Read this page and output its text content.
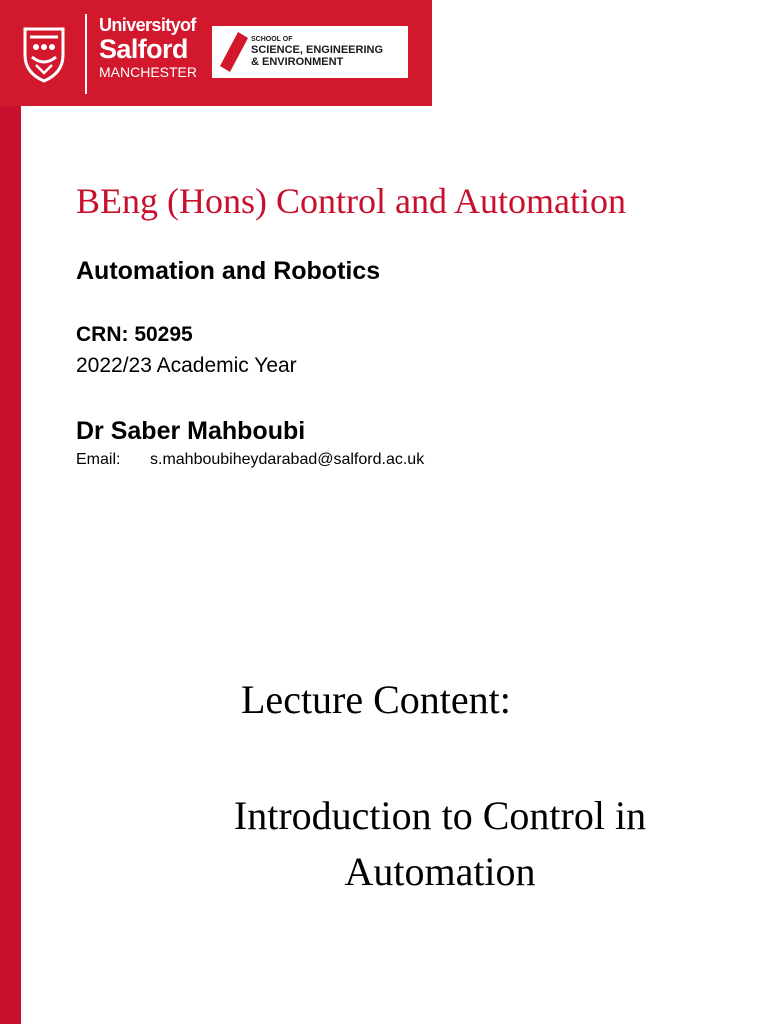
Universityof
Salford
MANCHESTER
SCHOOL OF
SCIENCE, ENGINEERING
& ENVIRONMENT
BEng (Hons) Control and Automation
Automation and Robotics
CRN: 50295
2022/23 Academic Year
Dr Saber Mahboubi
Email: s.mahboubiheydarabad@salford.ac.uk
Lecture Content:
Introduction to Control in
Automation
